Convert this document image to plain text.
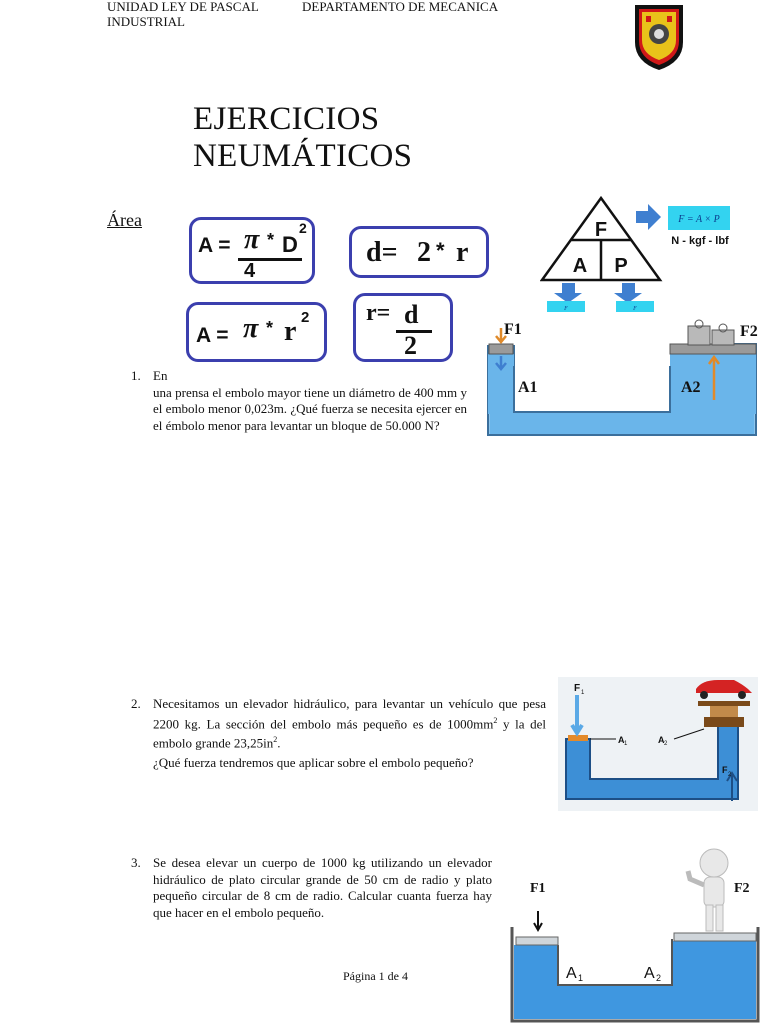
UNIDAD LEY DE PASCAL
INDUSTRIAL
DEPARTAMENTO DE MECANICA
EJERCICIOS
NEUMÁTICOS
Área
A = π * D
2
4
d= 2 * r
A = π * r 2 r= d
2
F
A P
F = A × P
N - kgf - lbf
F	F
F1	F2
A1	A2
1. En
una prensa el embolo mayor tiene un diámetro de 400 mm y el embolo menor 0,023m. ¿Qué fuerza se necesita ejercer en el émbolo menor para levantar un bloque de 50.000 N?
2. Necesitamos un elevador hidráulico, para levantar un vehículo que pesa 2200 kg. La sección del embolo más pequeño es de $1000mm^2$ y la del embolo grande $23,25in^2$.
¿Qué fuerza tendremos que aplicar sobre el embolo pequeño?
F 1
A 1	A 2
F 2
3. Se desea elevar un cuerpo de 1000 kg utilizando un elevador hidráulico de plato circular grande de 50 cm de radio y plato pequeño circular de 8 cm de radio. Calcular cuanta fuerza hay que hacer en el embolo pequeño.
F1	F2
A 1	A 2
Página 1 de 4
